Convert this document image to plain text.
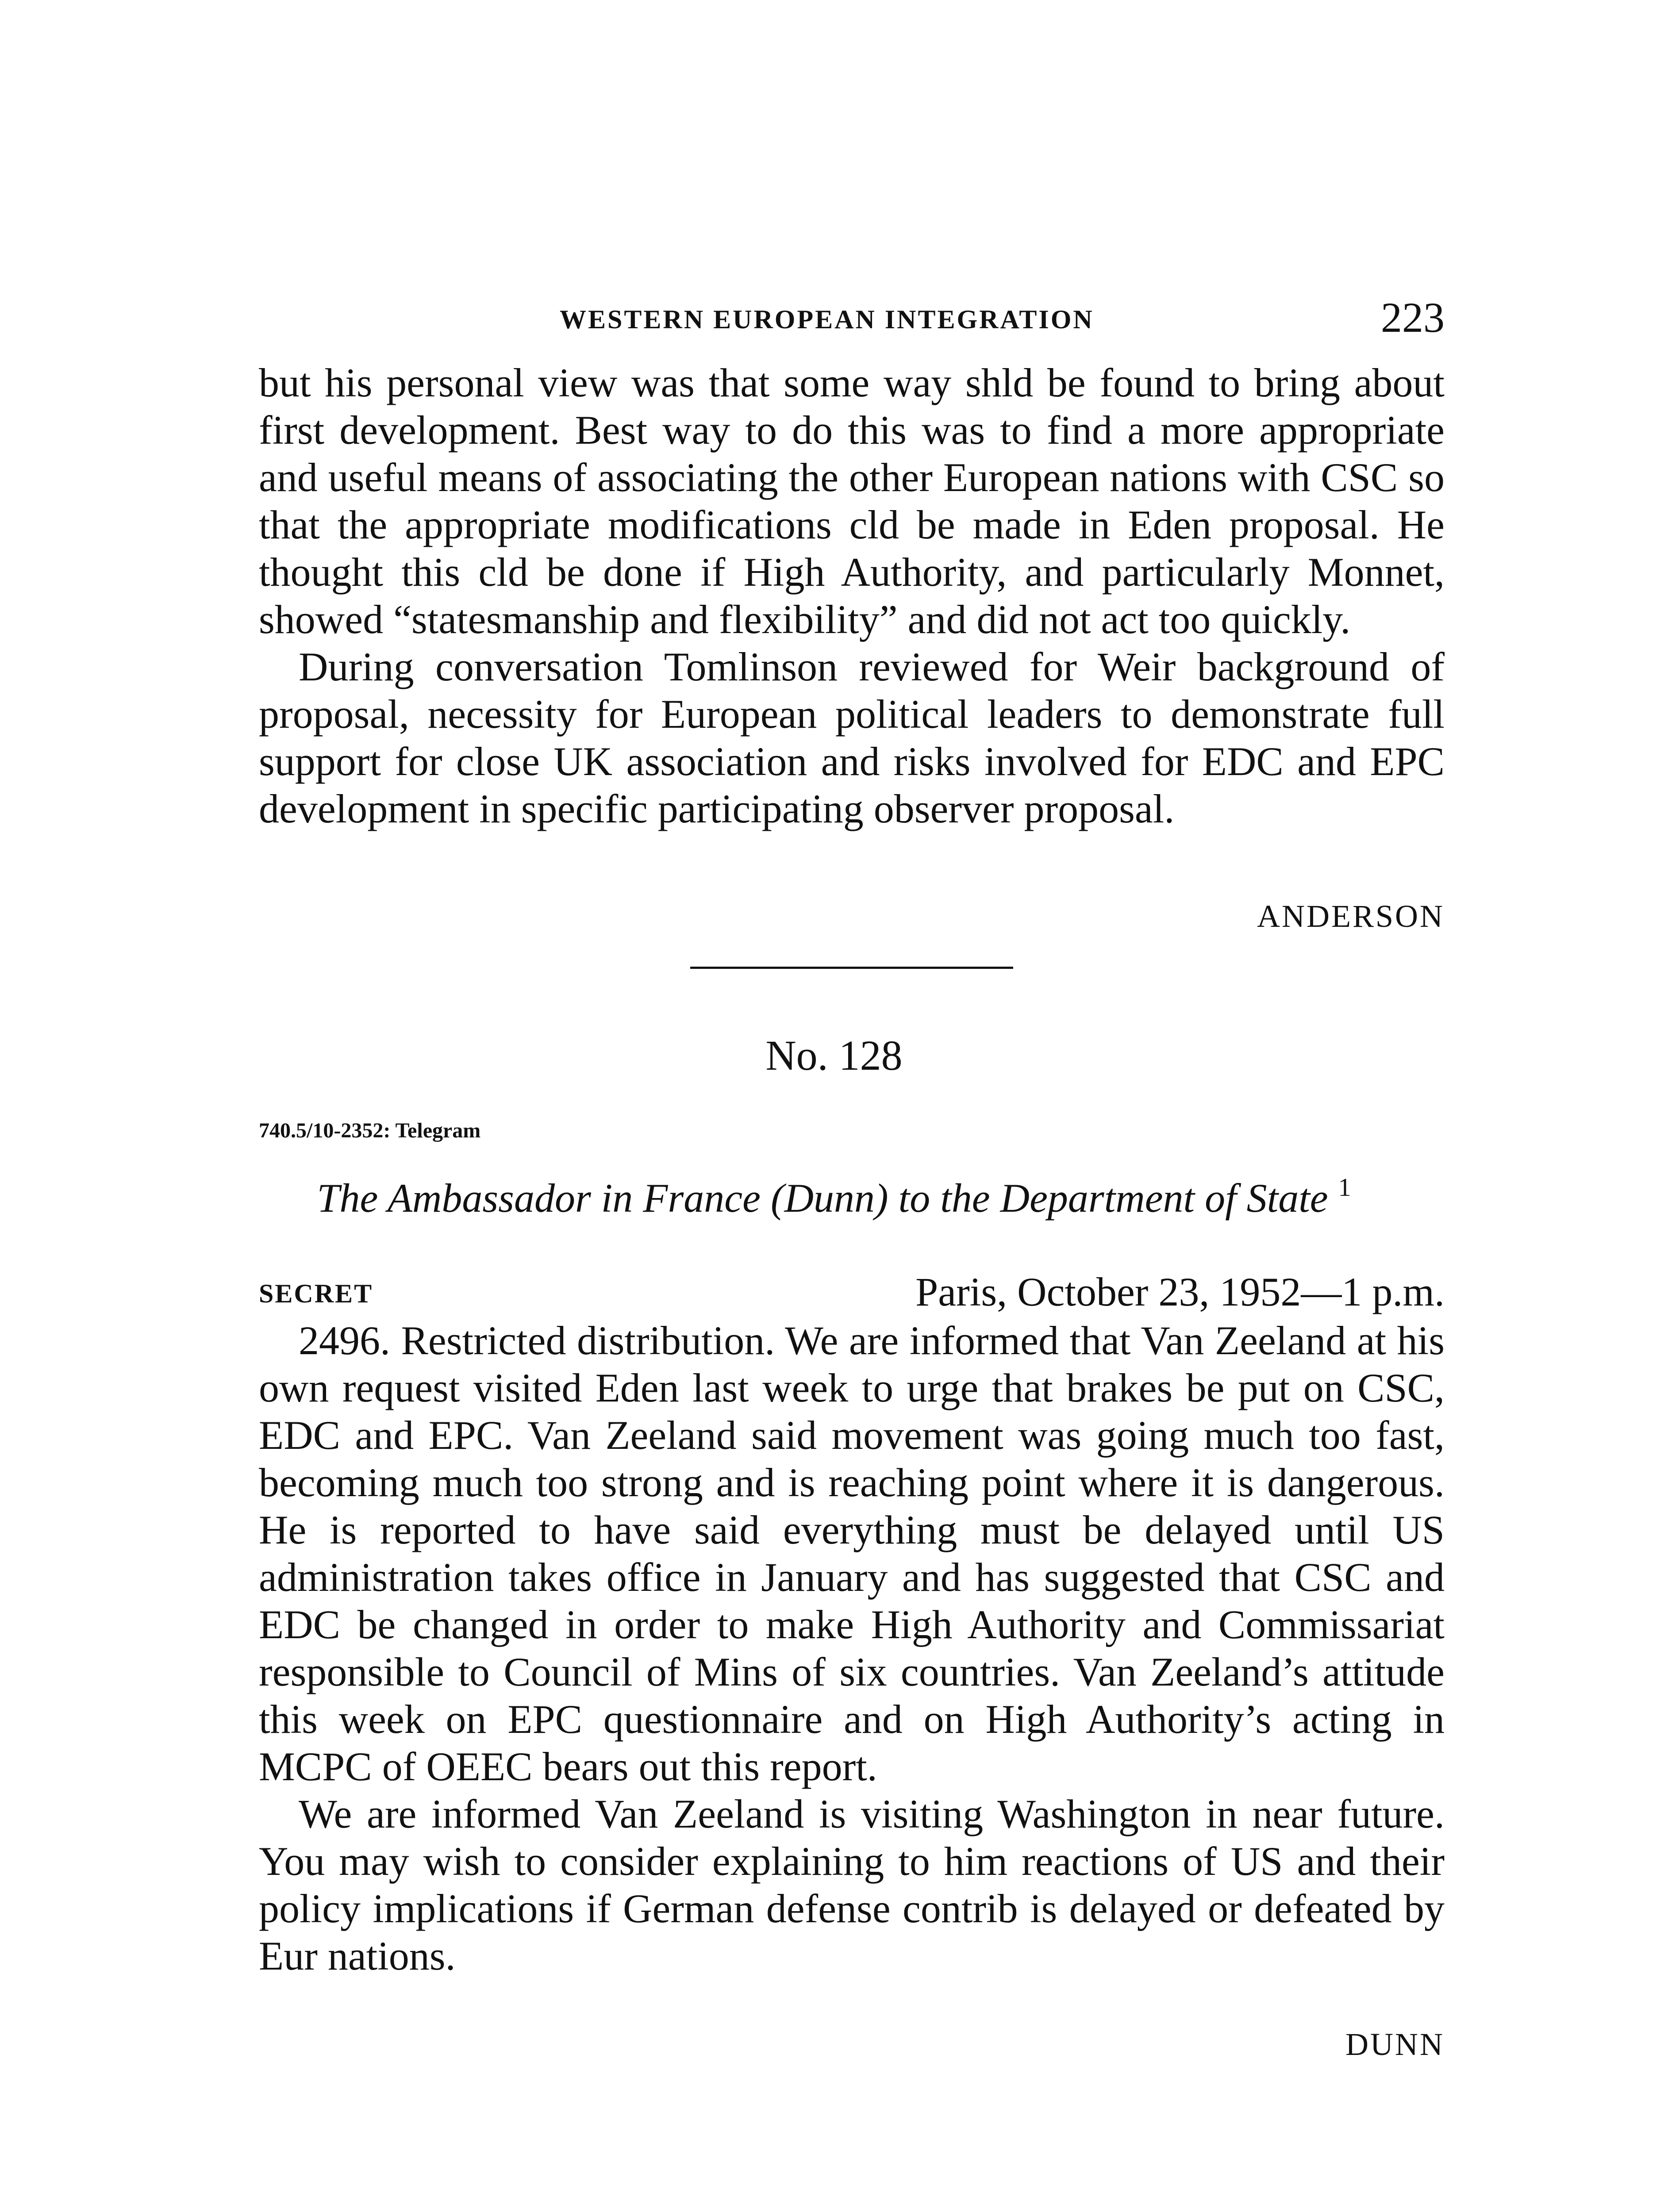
WESTERN EUROPEAN INTEGRATION	223

but his personal view was that some way shld be found to bring about first development. Best way to do this was to find a more appropriate and useful means of associating the other European nations with CSC so that the appropriate modifications cld be made in Eden proposal. He thought this cld be done if High Authority, and particularly Monnet, showed “statesmanship and flexibility” and did not act too quickly.

During conversation Tomlinson reviewed for Weir background of proposal, necessity for European political leaders to demonstrate full support for close UK association and risks involved for EDC and EPC development in specific participating observer proposal.

ANDERSON
No. 128
740.5/10-2352: Telegram
The Ambassador in France (Dunn) to the Department of State $^1$
SECRET	Paris, October 23, 1952—1 p.m.

2496. Restricted distribution. We are informed that Van Zeeland at his own request visited Eden last week to urge that brakes be put on CSC, EDC and EPC. Van Zeeland said movement was going much too fast, becoming much too strong and is reaching point where it is dangerous. He is reported to have said everything must be delayed until US administration takes office in January and has suggested that CSC and EDC be changed in order to make High Authority and Commissariat responsible to Council of Mins of six countries. Van Zeeland’s attitude this week on EPC questionnaire and on High Authority’s acting in MCPC of OEEC bears out this report.

We are informed Van Zeeland is visiting Washington in near future. You may wish to consider explaining to him reactions of US and their policy implications if German defense contrib is delayed or defeated by Eur nations.

DUNN
